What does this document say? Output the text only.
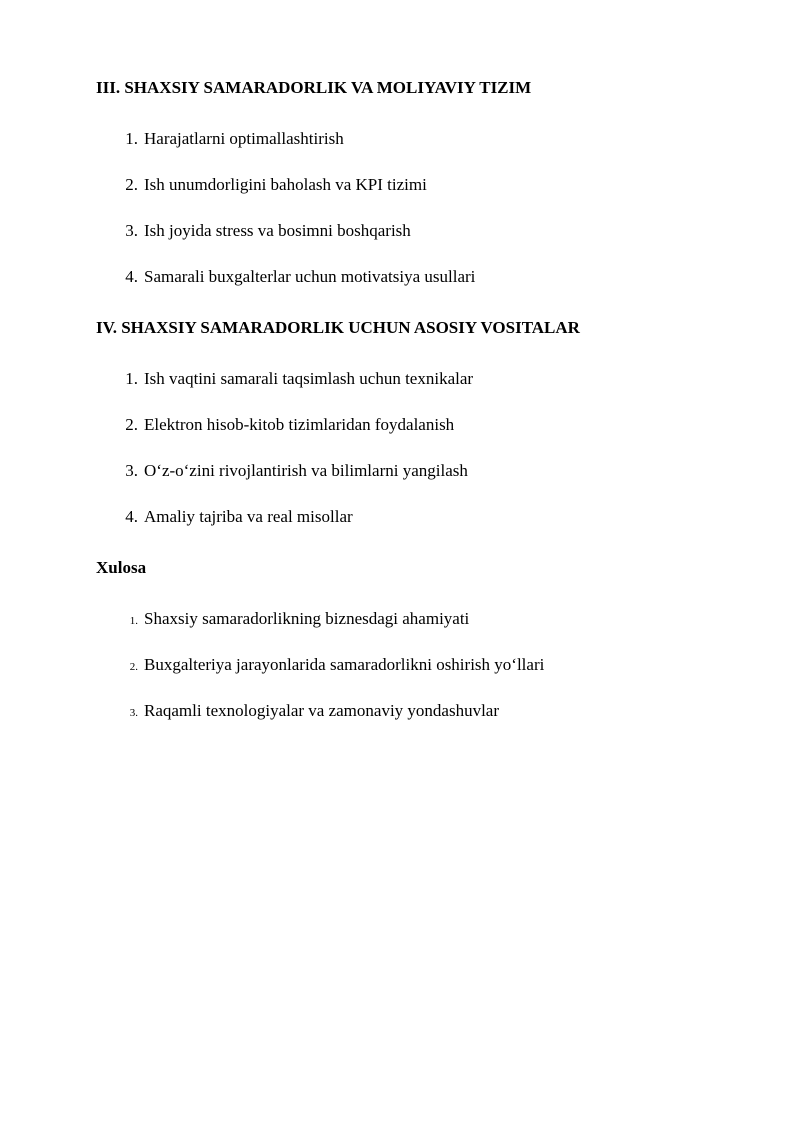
III. SHAXSIY SAMARADORLIK VA MOLIYAVIY TIZIM
1. Harajatlarni optimallashtirish
2. Ish unumdorligini baholash va KPI tizimi
3. Ish joyida stress va bosimni boshqarish
4. Samarali buxgalterlar uchun motivatsiya usullari
IV. SHAXSIY SAMARADORLIK UCHUN ASOSIY VOSITALAR
1. Ish vaqtini samarali taqsimlash uchun texnikalar
2. Elektron hisob-kitob tizimlaridan foydalanish
3. O‘z-o‘zini rivojlantirish va bilimlarni yangilash
4. Amaliy tajriba va real misollar
Xulosa
1. Shaxsiy samaradorlikning biznesdagi ahamiyati
2. Buxgalteriya jarayonlarida samaradorlikni oshirish yo‘llari
3. Raqamli texnologiyalar va zamonaviy yondashuvlar
